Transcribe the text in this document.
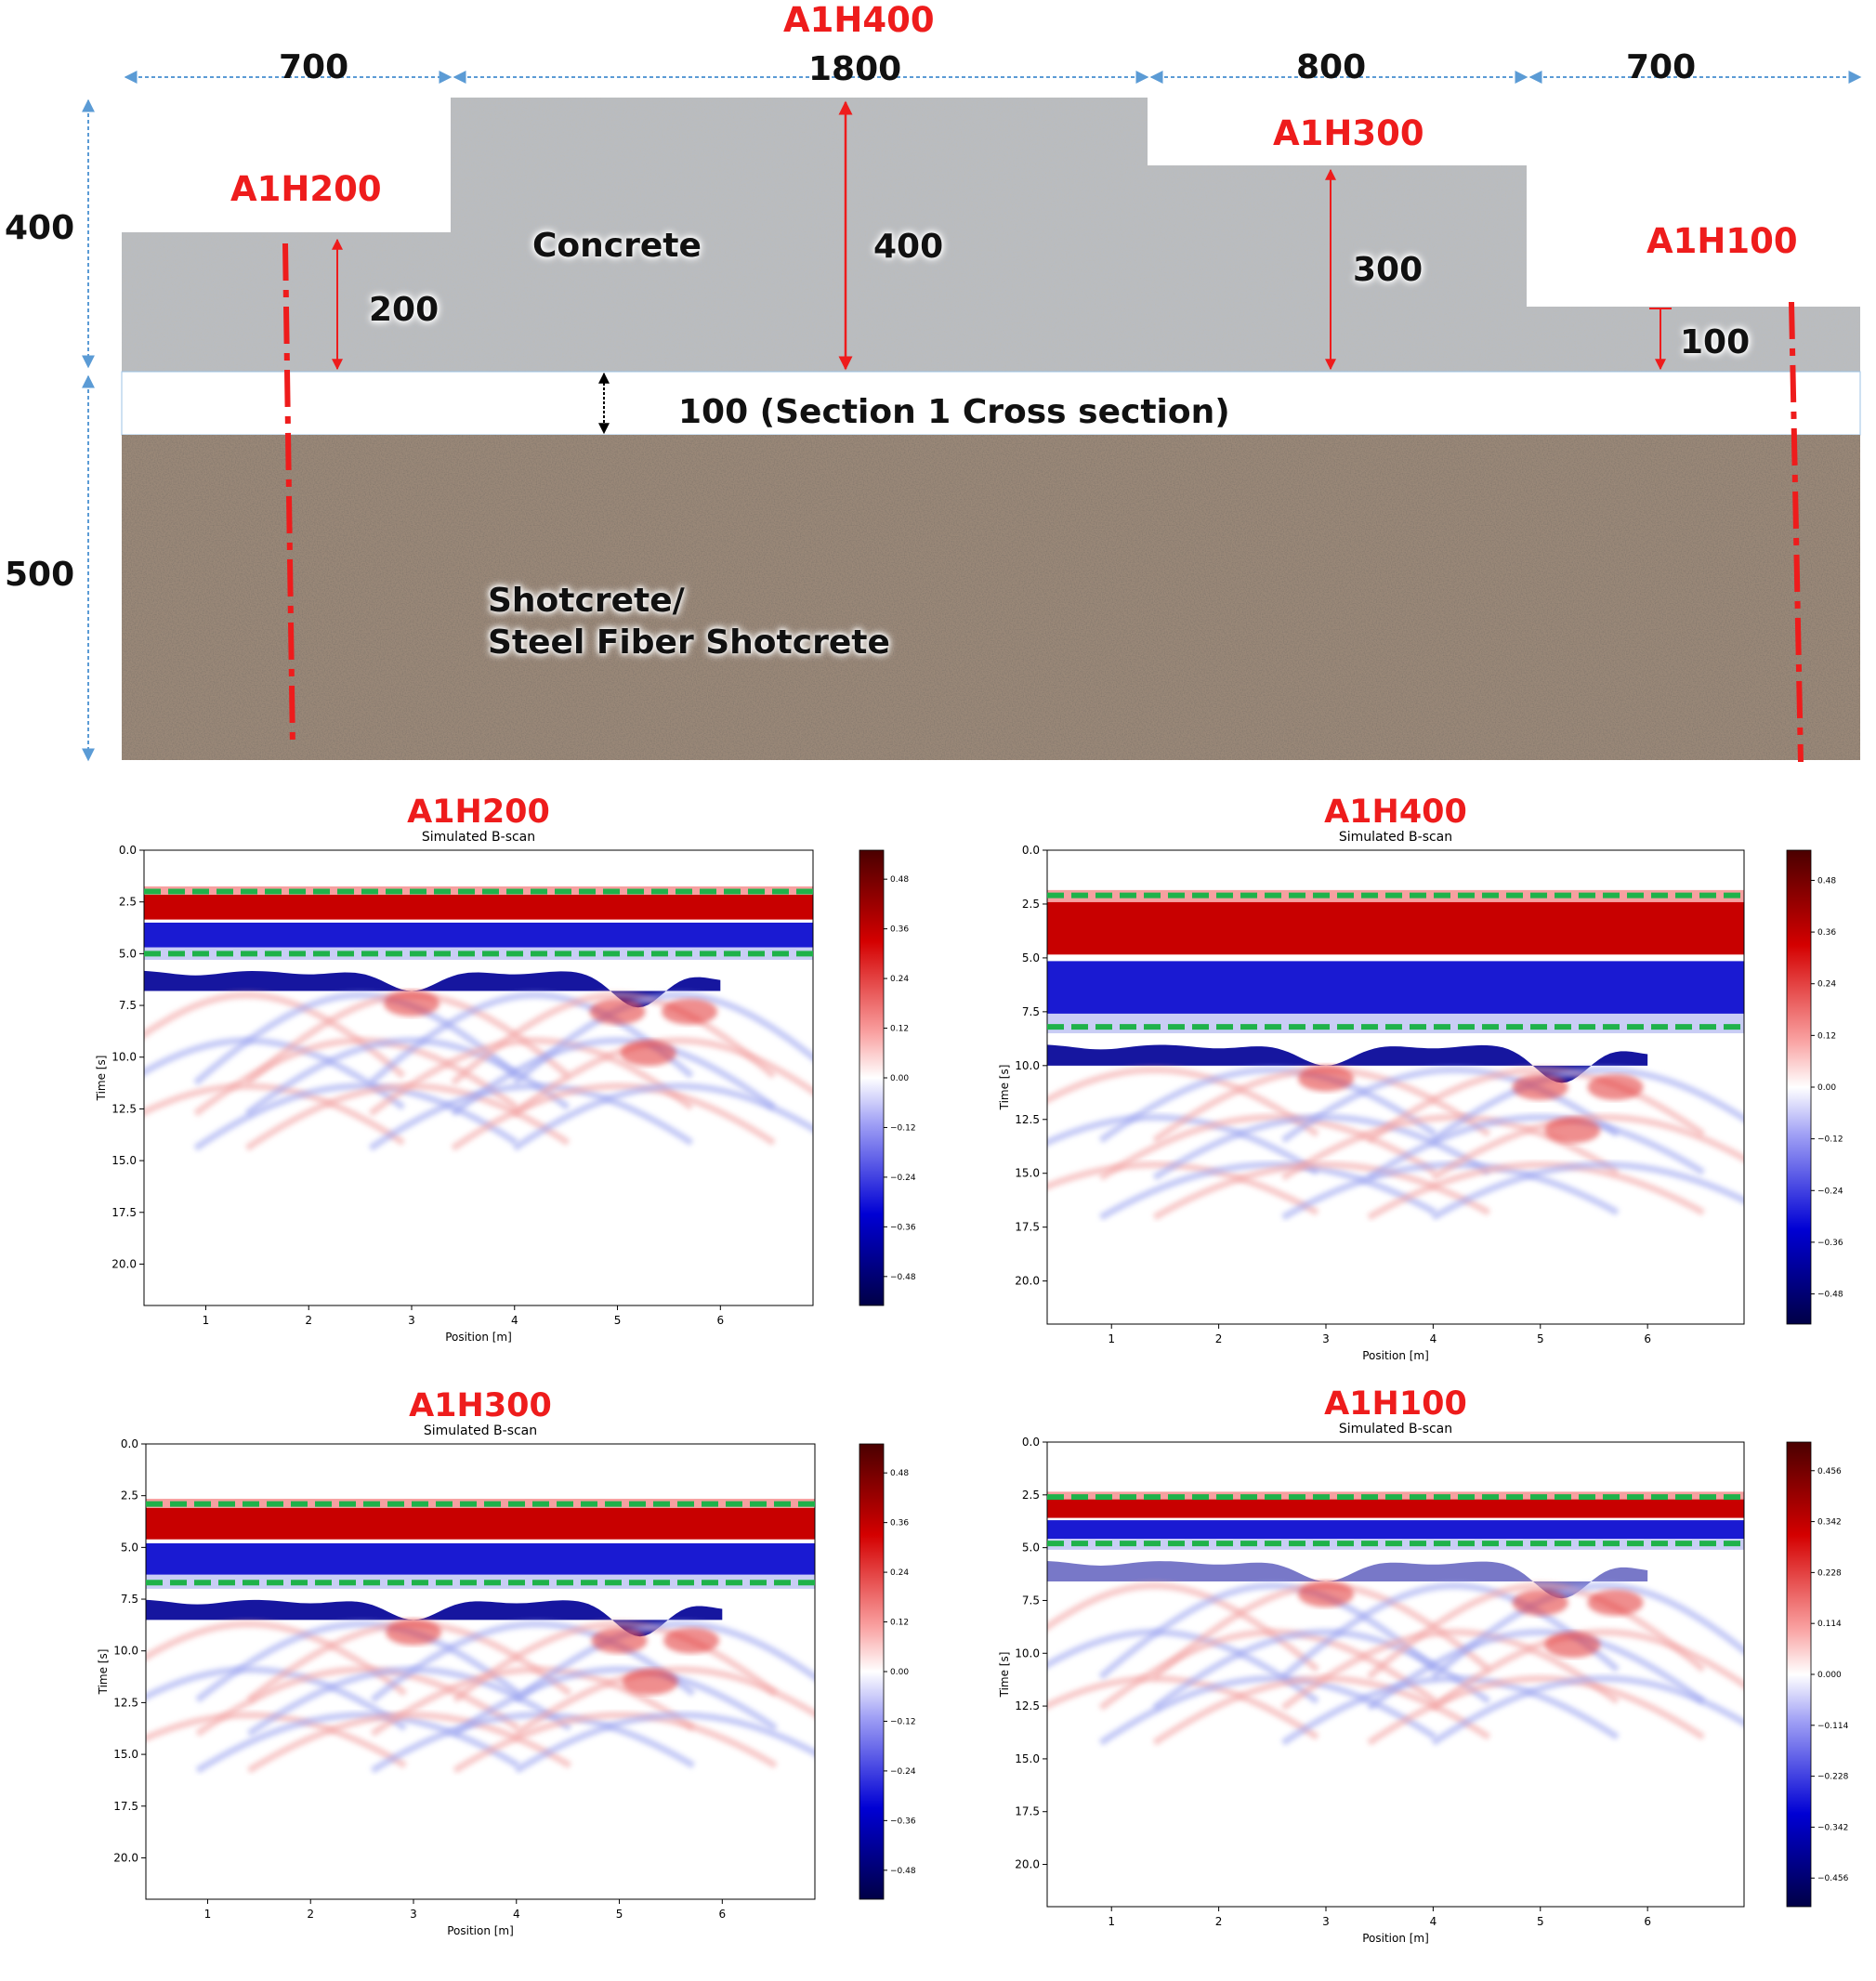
700	1800	800	700
400
500
A1H400
A1H300
A1H200
A1H100
200
400
300
100
Concrete
100 (Section 1 Cross section)
Shotcrete/
Steel Fiber Shotcrete
1	2	3	4	5	6
0.0
2.5
5.0
7.5
10.0
12.5
15.0
17.5
20.0
Position [m]
Time [s]
0.48
0.36
0.24
0.12
0.00
−0.12
−0.24
−0.36
−0.48
Simulated B-scan
A1H200
1	2	3	4	5	6
0.0
2.5
5.0
7.5
10.0
12.5
15.0
17.5
20.0
Position [m]
Time [s]
0.48
0.36
0.24
0.12
0.00
−0.12
−0.24
−0.36
−0.48
Simulated B-scan
A1H400
1	2	3	4	5	6
0.0
2.5
5.0
7.5
10.0
12.5
15.0
17.5
20.0
Position [m]
Time [s]
0.48
0.36
0.24
0.12
0.00
−0.12
−0.24
−0.36
−0.48
Simulated B-scan
A1H300
1	2	3	4	5	6
0.0
2.5
5.0
7.5
10.0
12.5
15.0
17.5
20.0
Position [m]
Time [s]
0.456
0.342
0.228
0.114
0.000
−0.114
−0.228
−0.342
−0.456
Simulated B-scan
A1H100
